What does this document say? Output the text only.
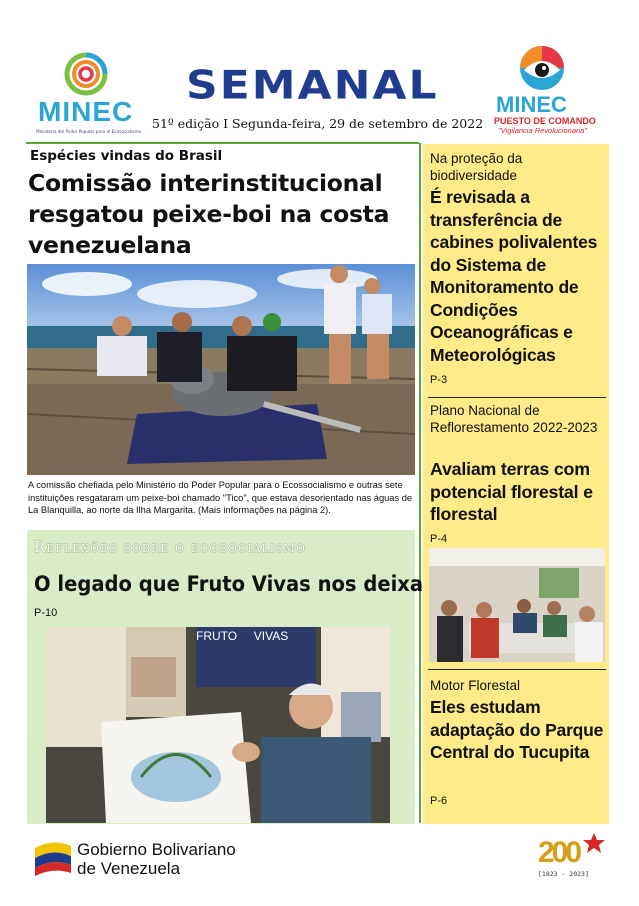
MINEC
Ministerio del Poder Popular para el Ecosocialismo
SEMANAL
51º edição I Segunda-feira, 29 de setembro de 2022
MINEC
PUESTO DE COMANDO
"Vigilancia Revolucionaria"
Espécies vindas do Brasil
Comissão interinstitucional resgatou peixe-boi na costa venezuelana
A comissão chefiada pelo Ministério do Poder Popular para o Ecossocialismo e outras sete instituições resgataram um peixe-boi chamado "Tico", que estava desorientado nas águas de La Blanquilla, ao norte da Ilha Margarita. (Mais informações na página 2).
Reflexões sobre o ecosocialismo
O legado que Fruto Vivas nos deixa
P-10
FRUTO     VIVAS
Na proteção da biodiversidade
É revisada a transferência de cabines polivalentes do Sistema de Monitoramento de Condições Oceanográficas e Meteorológicas
P-3
Plano Nacional de Reflorestamento 2022-2023
Avaliam terras com potencial florestal e florestal
P-4
Motor Florestal
Eles estudam adaptação do Parque Central do Tucupita
P-6
Gobierno Bolivariano
de Venezuela	200
[1823 - 2023]
